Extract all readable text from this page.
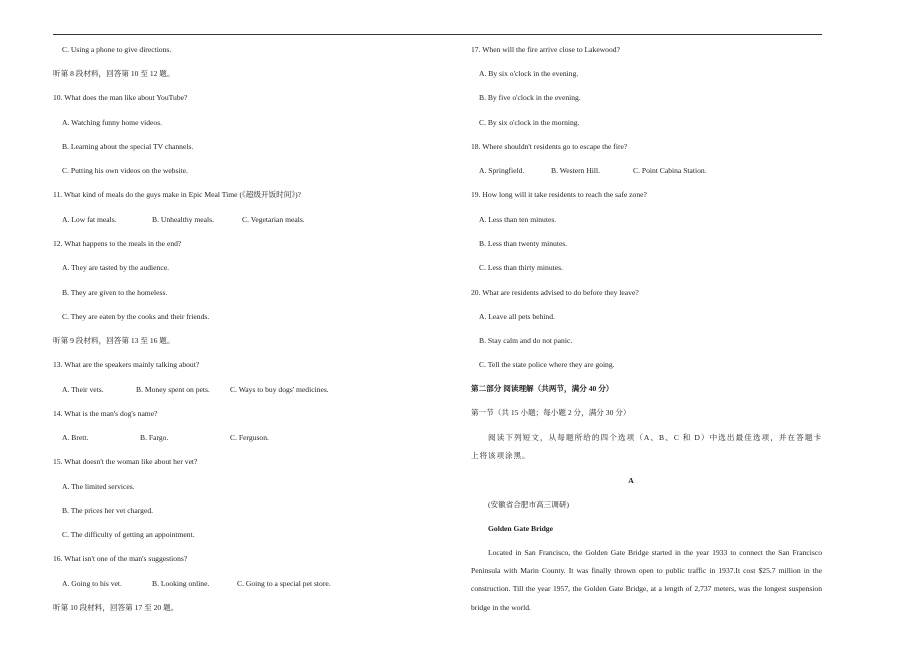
C. Using a phone to give directions.
听第 8 段材料，回答第 10 至 12 题。
10. What does the man like about YouTube?
A. Watching funny home videos.
B. Learning about the special TV channels.
C. Putting his own videos on the website.
11. What kind of meals do the guys make in Epic Meal Time (《超级开饭时间》)?
A. Low fat meals.	B. Unhealthy meals.	C. Vegetarian meals.
12. What happens to the meals in the end?
A. They are tasted by the audience.
B. They are given to the homeless.
C. They are eaten by the cooks and their friends.
听第 9 段材料，回答第 13 至 16 题。
13. What are the speakers mainly talking about?
A. Their vets.	B. Money spent on pets.	C. Ways to buy dogs' medicines.
14. What is the man's dog's name?
A. Brett.	B. Fargo.	C. Ferguson.
15. What doesn't the woman like about her vet?
A. The limited services.
B. The prices her vet charged.
C. The difficulty of getting an appointment.
16. What isn't one of the man's suggestions?
A. Going to his vet.	B. Looking online.	C. Going to a special pet store.
听第 10 段材料，回答第 17 至 20 题。
17. When will the fire arrive close to Lakewood?
A. By six o'clock in the evening.
B. By five o'clock in the evening.
C. By six o'clock in the morning.
18. Where shouldn't residents go to escape the fire?
A. Springfield.	B. Western Hill.	C. Point Cabina Station.
19. How long will it take residents to reach the safe zone?
A. Less than ten minutes.
B. Less than twenty minutes.
C. Less than thirty minutes.
20. What are residents advised to do before they leave?
A. Leave all pets behind.
B. Stay calm and do not panic.
C. Tell the state police where they are going.
第二部分 阅读理解（共两节，满分 40 分）
第一节（共 15 小题；每小题 2 分，满分 30 分）
阅读下列短文，从每题所给的四个选项（A、B、C 和 D）中选出最佳选项，并在答题卡上将该项涂黑。
A
(安徽省合肥市高三调研)
Golden Gate Bridge
Located in San Francisco, the Golden Gate Bridge started in the year 1933 to connect the San Francisco Peninsula with Marin County. It was finally thrown open to public traffic in 1937.It cost $25.7 million in the construction. Till the year 1957, the Golden Gate Bridge, at a length of 2,737 meters, was the longest suspension bridge in the world.
